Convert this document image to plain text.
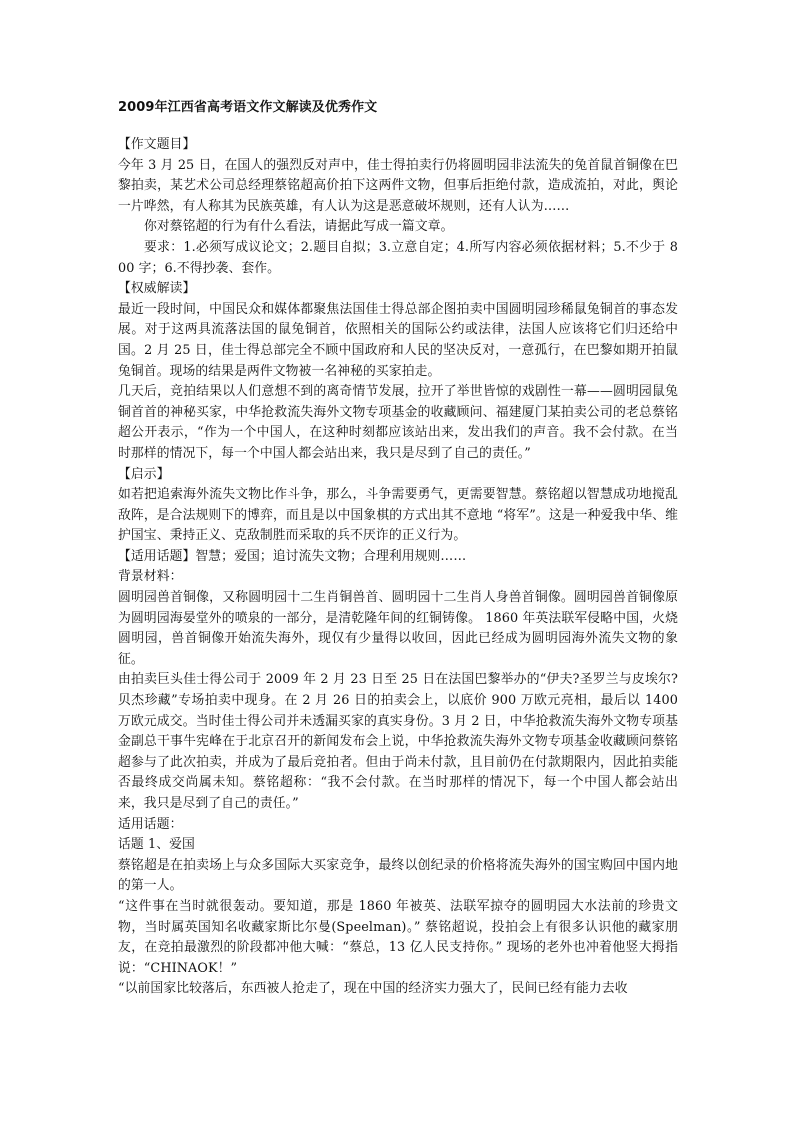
2009年江西省高考语文作文解读及优秀作文

【作文题目】

今年 3 月 25 日，在国人的强烈反对声中，佳士得拍卖行仍将圆明园非法流失的兔首鼠首铜像在巴黎拍卖，某艺术公司总经理蔡铭超高价拍下这两件文物，但事后拒绝付款，造成流拍，对此，舆论一片哗然，有人称其为民族英雄，有人认为这是恶意破坏规则，还有人认为……

你对蔡铭超的行为有什么看法，请据此写成一篇文章。

要求：1.必须写成议论文；2.题目自拟；3.立意自定；4.所写内容必须依据材料；5.不少于 800 字；6.不得抄袭、套作。

【权威解读】

最近一段时间，中国民众和媒体都聚焦法国佳士得总部企图拍卖中国圆明园珍稀鼠兔铜首的事态发展。对于这两具流落法国的鼠兔铜首，依照相关的国际公约或法律，法国人应该将它们归还给中国。2 月 25 日，佳士得总部完全不顾中国政府和人民的坚决反对，一意孤行，在巴黎如期开拍鼠兔铜首。现场的结果是两件文物被一名神秘的买家拍走。

几天后，竞拍结果以人们意想不到的离奇情节发展，拉开了举世皆惊的戏剧性一幕——圆明园鼠兔铜首首的神秘买家，中华抢救流失海外文物专项基金的收藏顾问、福建厦门某拍卖公司的老总蔡铭超公开表示，“作为一个中国人，在这种时刻都应该站出来，发出我们的声音。我不会付款。在当时那样的情况下，每一个中国人都会站出来，我只是尽到了自己的责任。”

【启示】

如若把追索海外流失文物比作斗争，那么，斗争需要勇气，更需要智慧。蔡铭超以智慧成功地搅乱敌阵，是合法规则下的博弈，而且是以中国象棋的方式出其不意地 “将军”。这是一种爱我中华、维护国宝、秉持正义、克敌制胜而采取的兵不厌诈的正义行为。

【适用话题】智慧；爱国；追讨流失文物；合理利用规则……

背景材料：

圆明园兽首铜像，又称圆明园十二生肖铜兽首、圆明园十二生肖人身兽首铜像。圆明园兽首铜像原为圆明园海晏堂外的喷泉的一部分，是清乾隆年间的红铜铸像。 1860 年英法联军侵略中国，火烧圆明园，兽首铜像开始流失海外，现仅有少量得以收回，因此已经成为圆明园海外流失文物的象征。

由拍卖巨头佳士得公司于 2009 年 2 月 23 日至 25 日在法国巴黎举办的“伊夫?圣罗兰与皮埃尔?贝杰珍藏”专场拍卖中现身。在 2 月 26 日的拍卖会上，以底价 900 万欧元亮相，最后以 1400 万欧元成交。当时佳士得公司并未透漏买家的真实身份。3 月 2 日，中华抢救流失海外文物专项基金副总干事牛宪峰在于北京召开的新闻发布会上说，中华抢救流失海外文物专项基金收藏顾问蔡铭超参与了此次拍卖，并成为了最后竞拍者。但由于尚未付款，且目前仍在付款期限内，因此拍卖能否最终成交尚属未知。蔡铭超称：“我不会付款。在当时那样的情况下，每一个中国人都会站出来，我只是尽到了自己的责任。”

适用话题：

话题 1、爱国

蔡铭超是在拍卖场上与众多国际大买家竞争，最终以创纪录的价格将流失海外的国宝购回中国内地的第一人。

“这件事在当时就很轰动。要知道，那是 1860 年被英、法联军掠夺的圆明园大水法前的珍贵文物，当时属英国知名收藏家斯比尔曼(Speelman)。” 蔡铭超说，投拍会上有很多认识他的藏家朋友，在竞拍最激烈的阶段都冲他大喊：“蔡总，13 亿人民支持你。” 现场的老外也冲着他竖大拇指说：“CHINAOK！”

“以前国家比较落后，东西被人抢走了，现在中国的经济实力强大了，民间已经有能力去收
